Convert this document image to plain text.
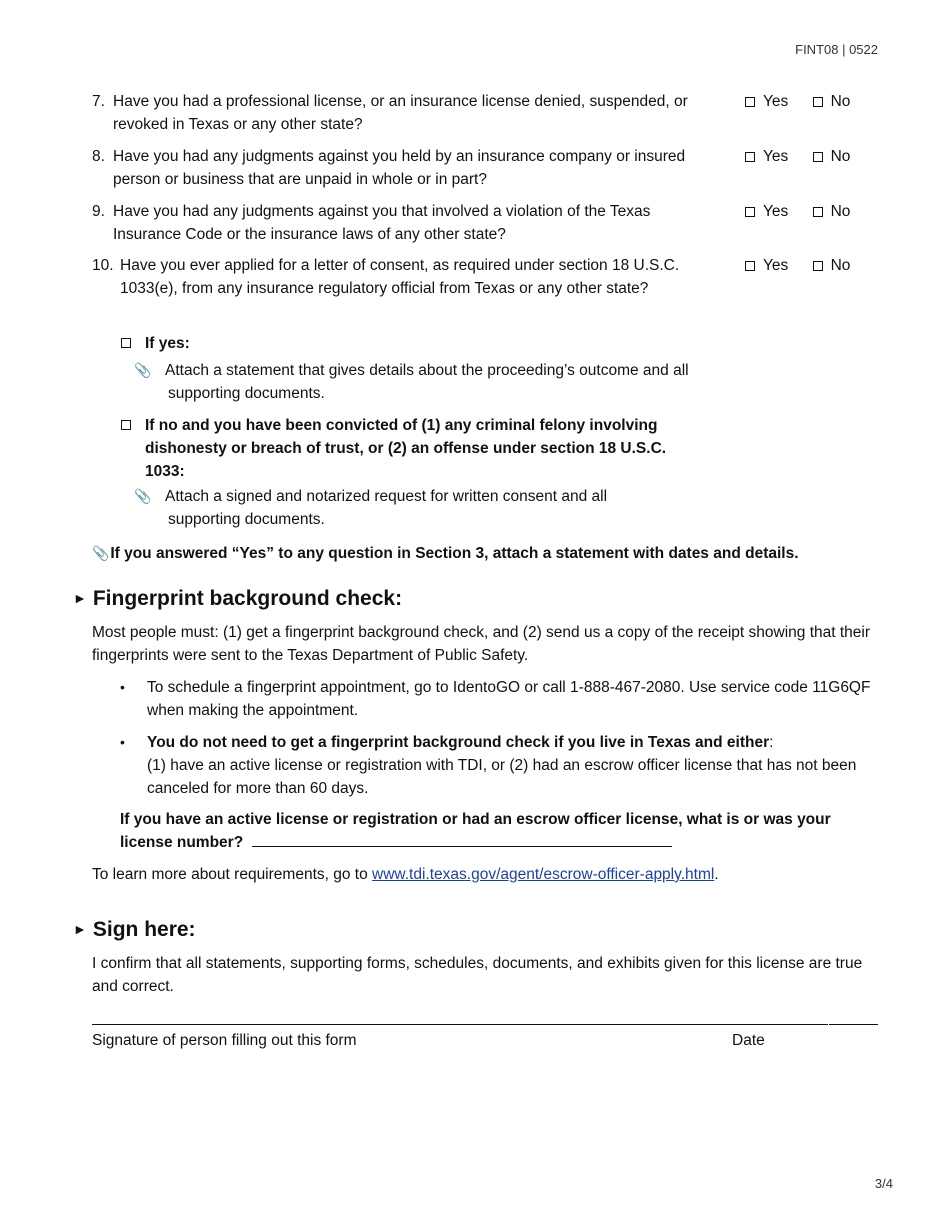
FINT08 | 0522
7. Have you had a professional license, or an insurance license denied, suspended, or revoked in Texas or any other state?
Yes
	No
8. Have you had any judgments against you held by an insurance company or insured person or business that are unpaid in whole or in part?
Yes
	No
9. Have you had any judgments against you that involved a violation of the Texas Insurance Code or the insurance laws of any other state?
Yes
	No
10. Have you ever applied for a letter of consent, as required under section 18 U.S.C. 1033(e), from any insurance regulatory official from Texas or any other state?
Yes
	No
If yes:
📎 Attach a statement that gives details about the proceeding’s outcome and all supporting documents.
If no and you have been convicted of (1) any criminal felony involving dishonesty or breach of trust, or (2) an offense under section 18 U.S.C. 1033:
📎 Attach a signed and notarized request for written consent and all supporting documents.
📎 If you answered “Yes” to any question in Section 3, attach a statement with dates and details.
► Fingerprint background check:
Most people must: (1) get a fingerprint background check, and (2) send us a copy of the receipt showing that their fingerprints were sent to the Texas Department of Public Safety.
•	To schedule a fingerprint appointment, go to IdentoGO or call 1-888-467-2080. Use service code 11G6QF when making the appointment.
•	You do not need to get a fingerprint background check if you live in Texas and either:
(1) have an active license or registration with TDI, or (2) had an escrow officer license that has not been canceled for more than 60 days.
If you have an active license or registration or had an escrow officer license, what is or was your license number?
To learn more about requirements, go to www.tdi.texas.gov/agent/escrow-officer-apply.html.
► Sign here:
I confirm that all statements, supporting forms, schedules, documents, and exhibits given for this license are true and correct.
Signature of person filling out this form	Date
3/4
